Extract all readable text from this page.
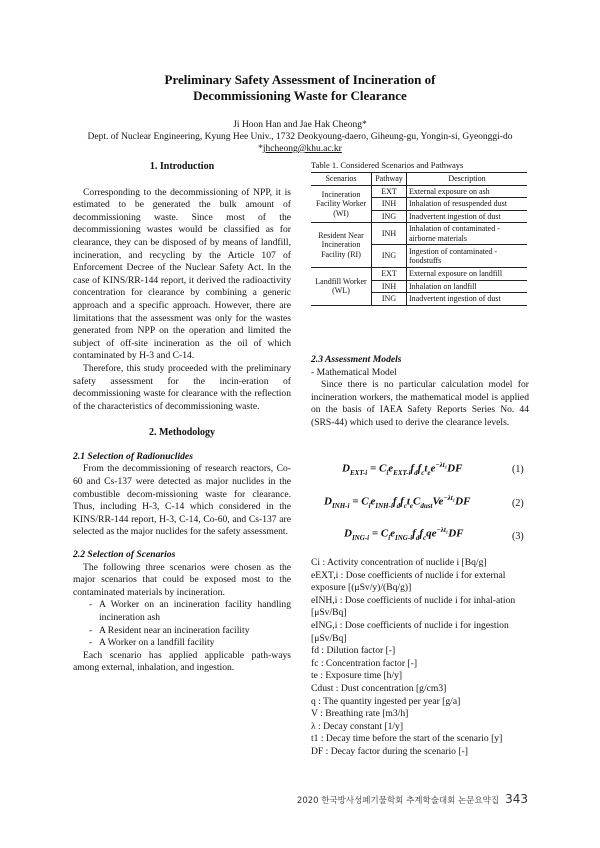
Preliminary Safety Assessment of Incineration of
Decommissioning Waste for Clearance
Ji Hoon Han and Jae Hak Cheong*
Dept. of Nuclear Engineering, Kyung Hee Univ., 1732 Deokyoung-daero, Giheung-gu, Yongin-si, Gyeonggi-do
*jhcheong@khu.ac.kr
1. Introduction

Corresponding to the decommissioning of NPP, it is estimated to be generated the bulk amount of decommissioning waste. Since most of the decommissioning wastes would be classified as for clearance, they can be disposed of by means of landfill, incineration, and recycling by the Article 107 of Enforcement Decree of the Nuclear Safety Act. In the case of KINS/RR-144 report, it derived the radioactivity concentration for clearance by combining a generic approach and a specific approach. However, there are limitations that the assessment was only for the wastes generated from NPP on the operation and limited the subject of off-site incineration as the oil of which contaminated by H-3 and C-14.

Therefore, this study proceeded with the preliminary safety assessment for the incin-eration of decommissioning waste for clearance with the reflection of the characteristics of decommissioning waste.

2. Methodology
2.1 Selection of Radionuclides

From the decommissioning of research reactors, Co-60 and Cs-137 were detected as major nuclides in the combustible decom-missioning waste for clearance. Thus, including H-3, C-14 which considered in the KINS/RR-144 report, H-3, C-14, Co-60, and Cs-137 are selected as the major nuclides for the safety assessment.

2.2 Selection of Scenarios

The following three scenarios were chosen as the major scenarios that could be exposed most to the contaminated materials by incineration.

- A Worker on an incineration facility handling incineration ash
- A Resident near an incineration facility
- A Worker on a landfill facility

Each scenario has applied applicable path-ways among external, inhalation, and ingestion.

Table 1. Considered Scenarios and Pathways
Scenarios	Pathway	Description
Incineration Facility Worker (WI)	EXT	External exposure on ash
	INH	Inhalation of resuspended dust
	ING	Inadvertent ingestion of dust
Resident Near Incineration Facility (RI)	INH	Inhalation of contaminated -airborne materials
	ING	Ingestion of contaminated -foodstuffs
Landfill Worker (WL)	EXT	External exposure on landfill
	INH	Inhalation on landfill
	ING	Inadvertent ingestion of dust
2.3 Assessment Models
- Mathematical Model

Since there is no particular calculation model for incineration workers, the mathematical model is applied on the basis of IAEA Safety Reports Series No. 44 (SRS-44) which used to derive the clearance levels.

$D_{EXT-i} = C_ie_{EXT-i}f_df_ct_ee^{-\lambda t_1}DF$	(1)
$D_{INH-i} = C_ie_{INH-i}f_df_ct_eC_{dust}Ve^{-\lambda t_1}DF$	(2)
$D_{ING-i} = C_ie_{ING-i}f_df_cqe^{-\lambda t_1}DF$	(3)
Ci : Activity concentration of nuclide i [Bq/g]
eEXT,i : Dose coefficients of nuclide i for external exposure [(μSv/y)/(Bq/g)]
eINH,i : Dose coefficients of nuclide i for inhal-ation [μSv/Bq]
eING,i : Dose coefficients of nuclide i for ingestion [μSv/Bq]
fd : Dilution factor [-]
fc : Concentration factor [-]
te : Exposure time [h/y]
Cdust : Dust concentration [g/cm3]
q : The quantity ingested per year [g/a]
V : Breathing rate [m3/h]
λ : Decay constant [1/y]
t1 : Decay time before the start of the scenario [y]
DF : Decay factor during the scenario [-]
2020 한국방사성폐기물학회 추계학술대회 논문요약집 343
